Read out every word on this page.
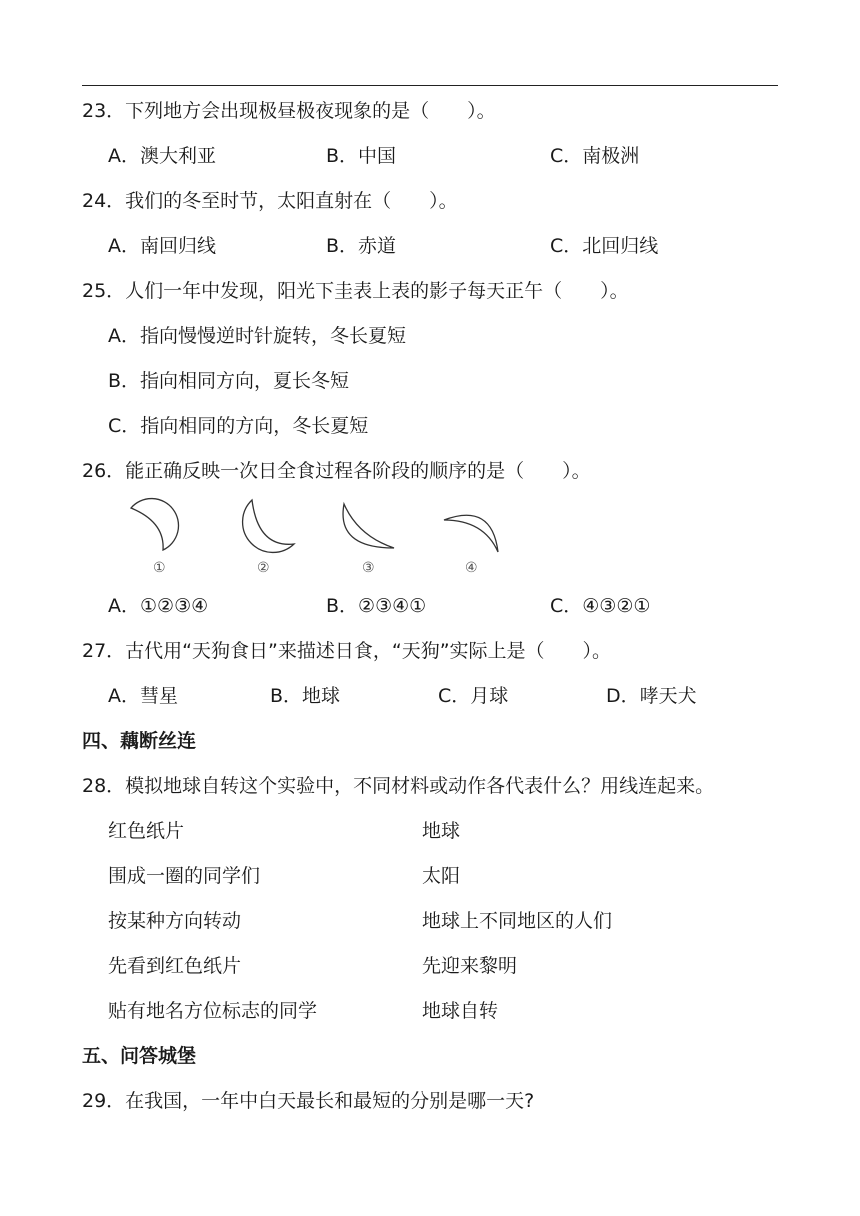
23．下列地方会出现极昼极夜现象的是（　　）。
A．澳大利亚	B．中国	C．南极洲
24．我们的冬至时节，太阳直射在（　　）。
A．南回归线	B．赤道	C．北回归线
25．人们一年中发现，阳光下圭表上表的影子每天正午（　　）。
A．指向慢慢逆时针旋转，冬长夏短
B．指向相同方向，夏长冬短
C．指向相同的方向，冬长夏短
26．能正确反映一次日全食过程各阶段的顺序的是（　　）。
①	②	③	④
A．①②③④	B．②③④①	C．④③②①
27．古代用“天狗食日”来描述日食，“天狗”实际上是（　　）。
A．彗星	B．地球	C．月球	D．哮天犬
四、藕断丝连
28．模拟地球自转这个实验中，不同材料或动作各代表什么？用线连起来。
红色纸片	地球
围成一圈的同学们	太阳
按某种方向转动	地球上不同地区的人们
先看到红色纸片	先迎来黎明
贴有地名方位标志的同学	地球自转
五、问答城堡
29．在我国，一年中白天最长和最短的分别是哪一天?
